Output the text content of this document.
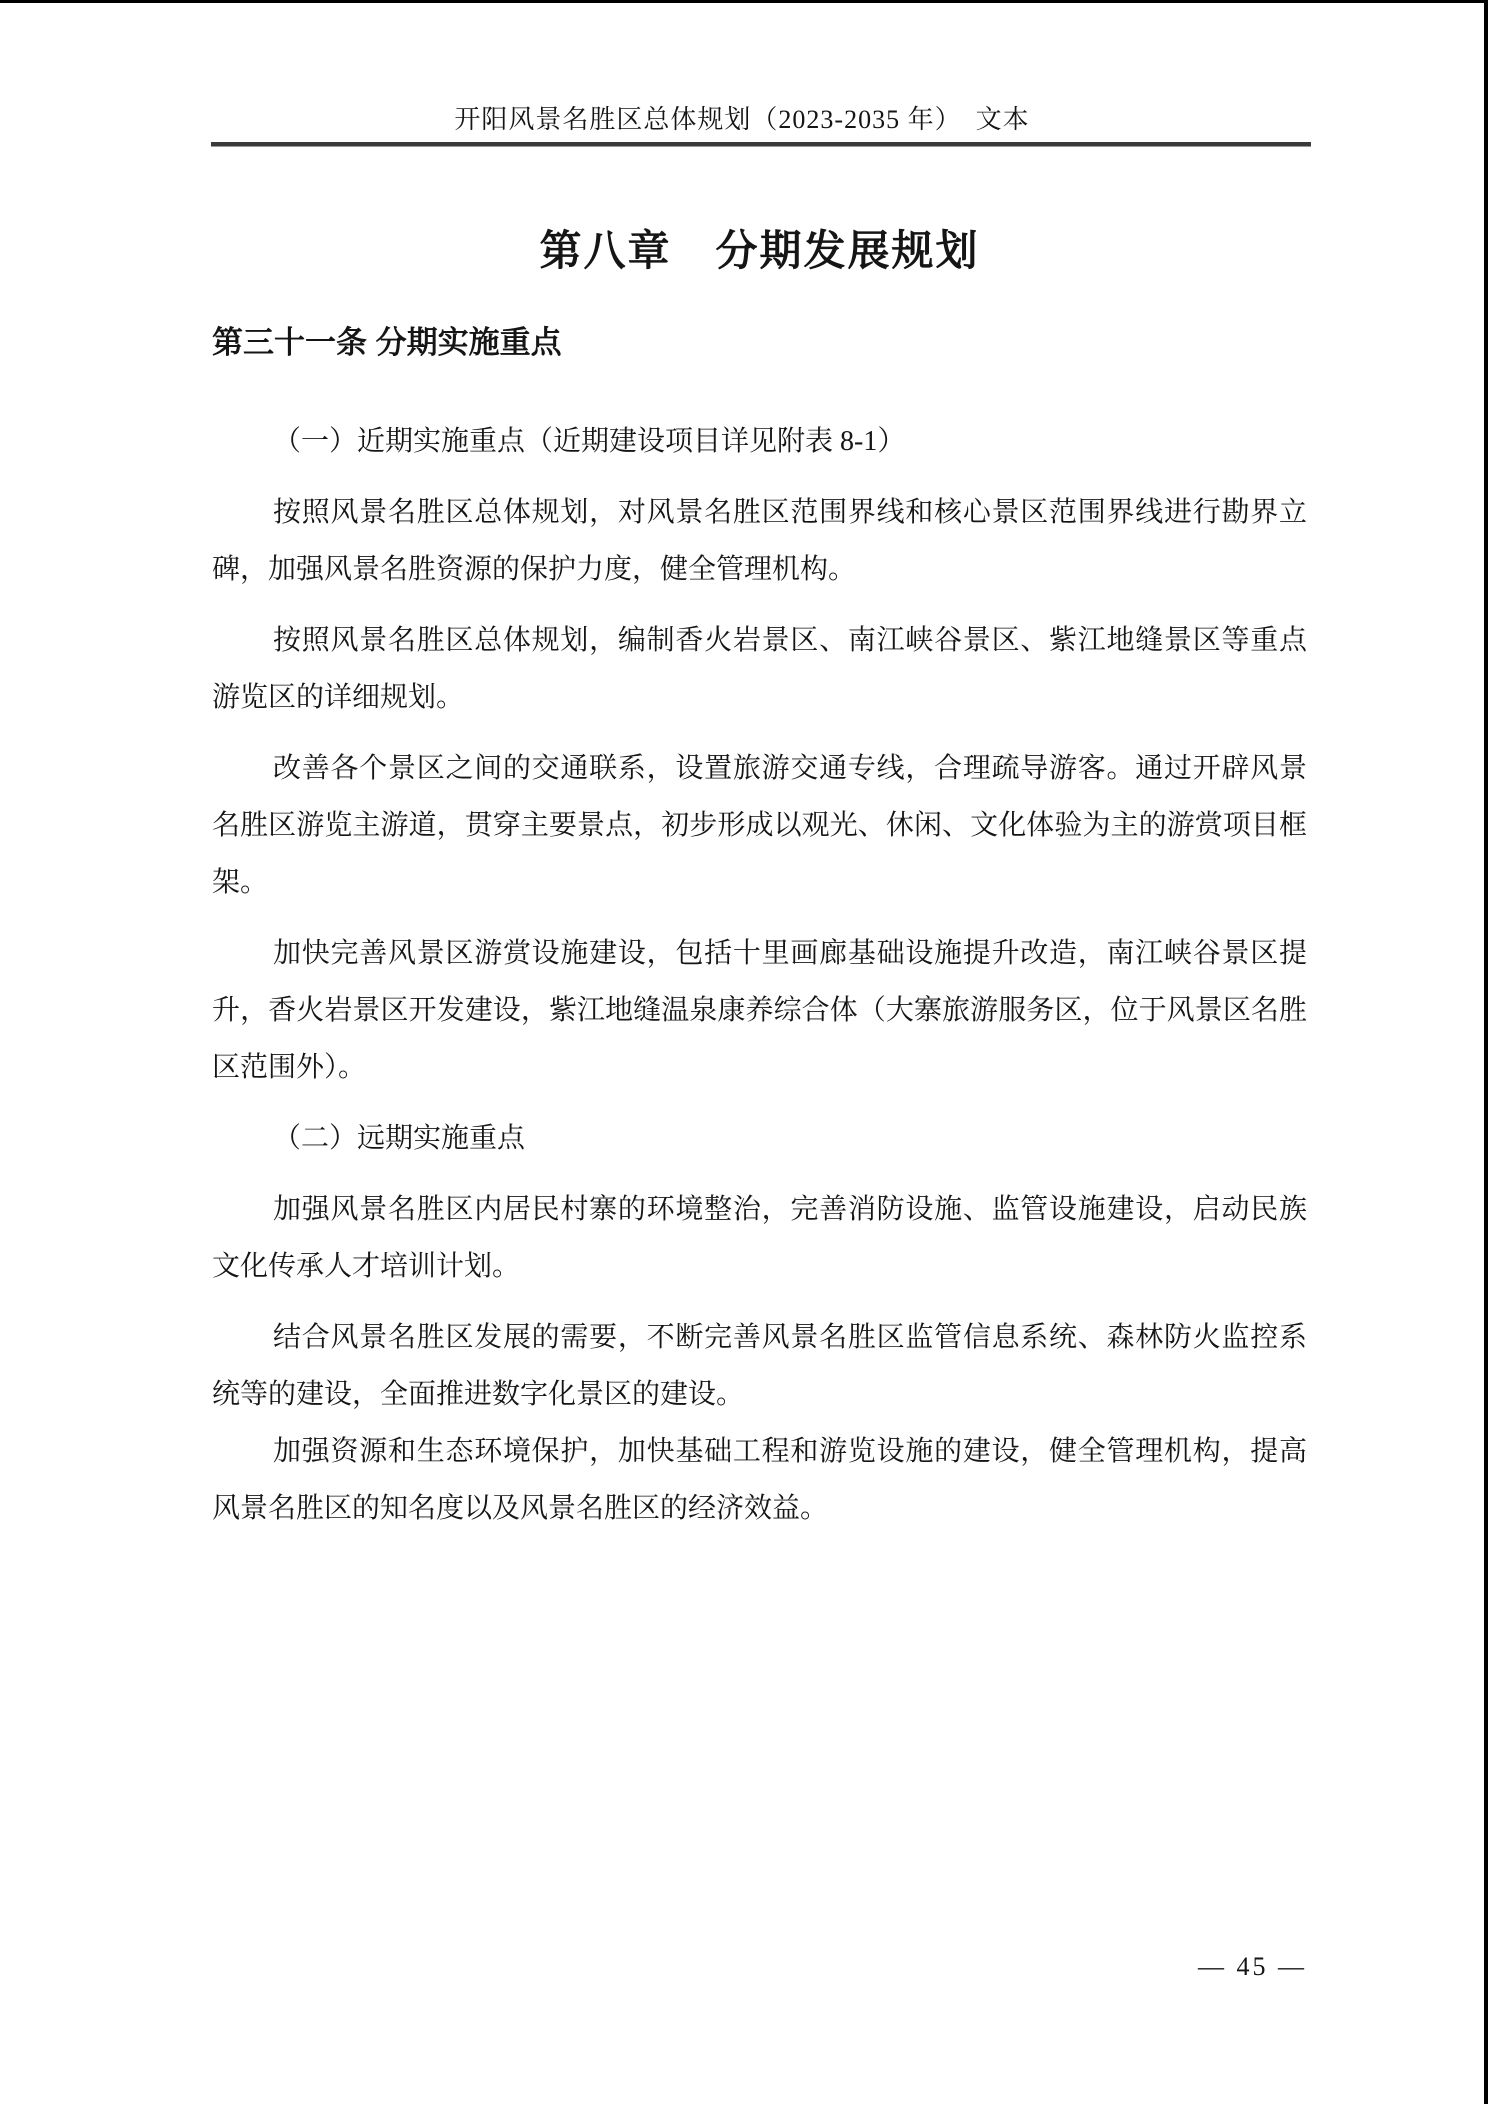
开阳风景名胜区总体规划（2023-2035 年）　文本
第八章　分期发展规划
第三十一条 分期实施重点

（一）近期实施重点（近期建设项目详见附表 8-1）

按照风景名胜区总体规划，对风景名胜区范围界线和核心景区范围界线进行勘界立碑，加强风景名胜资源的保护力度，健全管理机构。

按照风景名胜区总体规划，编制香火岩景区、南江峡谷景区、紫江地缝景区等重点游览区的详细规划。

改善各个景区之间的交通联系，设置旅游交通专线，合理疏导游客。通过开辟风景名胜区游览主游道，贯穿主要景点，初步形成以观光、休闲、文化体验为主的游赏项目框架。

加快完善风景区游赏设施建设，包括十里画廊基础设施提升改造，南江峡谷景区提升，香火岩景区开发建设，紫江地缝温泉康养综合体（大寨旅游服务区，位于风景区名胜区范围外）。

（二）远期实施重点

加强风景名胜区内居民村寨的环境整治，完善消防设施、监管设施建设，启动民族文化传承人才培训计划。

结合风景名胜区发展的需要，不断完善风景名胜区监管信息系统、森林防火监控系统等的建设，全面推进数字化景区的建设。

加强资源和生态环境保护，加快基础工程和游览设施的建设，健全管理机构，提高风景名胜区的知名度以及风景名胜区的经济效益。

— 45 —
